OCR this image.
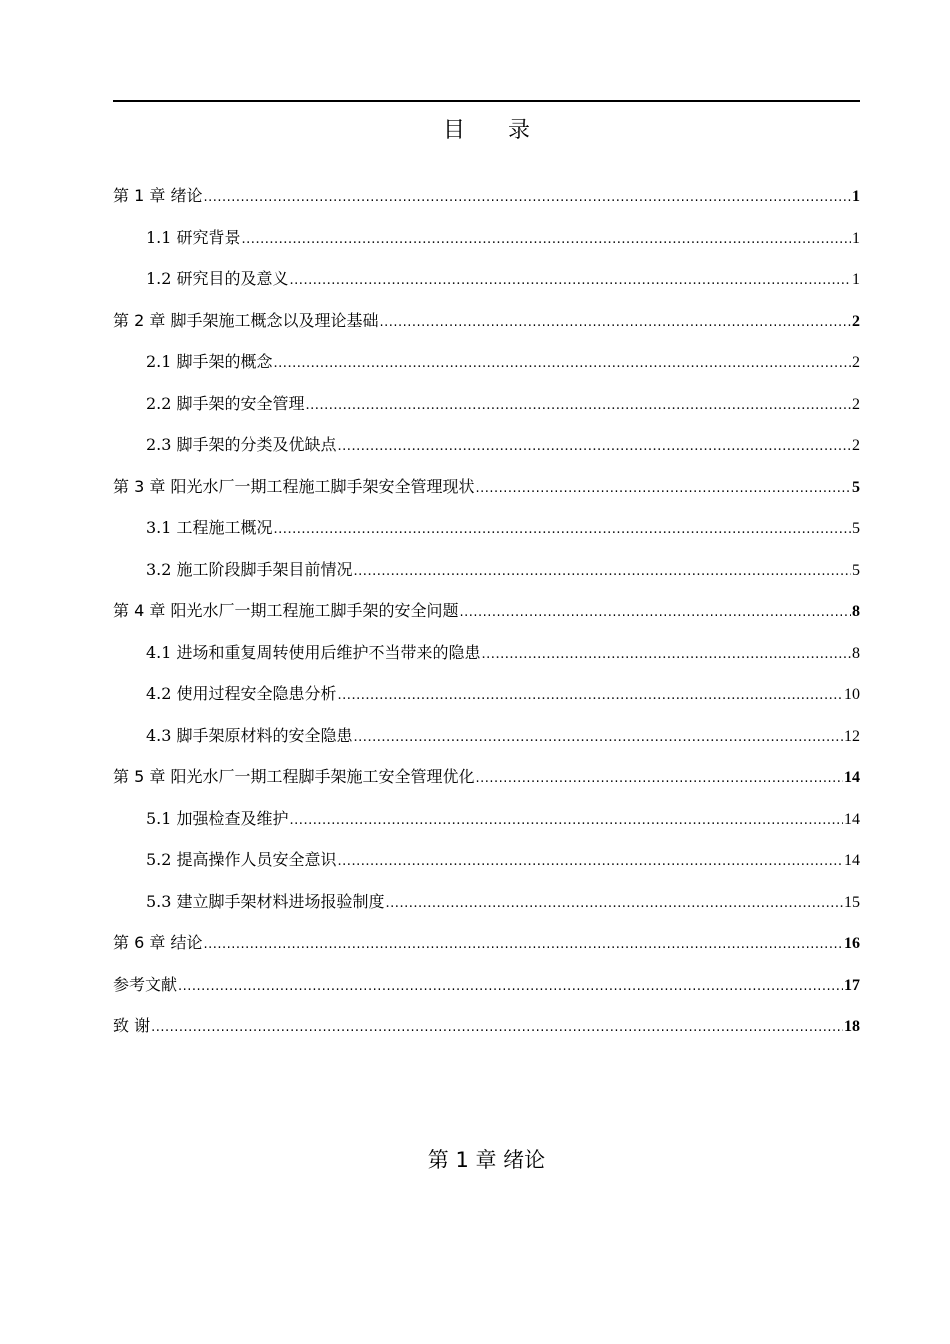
目 录
第 1 章 绪论 .....	1
1.1 研究背景 .....	1
1.2 研究目的及意义 .....	1
第 2 章 脚手架施工概念以及理论基础 .....	2
2.1 脚手架的概念 .....	2
2.2 脚手架的安全管理 .....	2
2.3 脚手架的分类及优缺点 .....	2
第 3 章 阳光水厂一期工程施工脚手架安全管理现状 .....	5
3.1 工程施工概况 .....	5
3.2 施工阶段脚手架目前情况 .....	5
第 4 章 阳光水厂一期工程施工脚手架的安全问题 .....	8
4.1 进场和重复周转使用后维护不当带来的隐患 .....	8
4.2 使用过程安全隐患分析 .....	10
4.3 脚手架原材料的安全隐患 .....	12
第 5 章 阳光水厂一期工程脚手架施工安全管理优化 .....	14
5.1 加强检查及维护 .....	14
5.2 提高操作人员安全意识 .....	14
5.3 建立脚手架材料进场报验制度 .....	15
第 6 章 结论 .....	16
参考文献 .....	17
致 谢 .....	18
第 1 章 绪论
